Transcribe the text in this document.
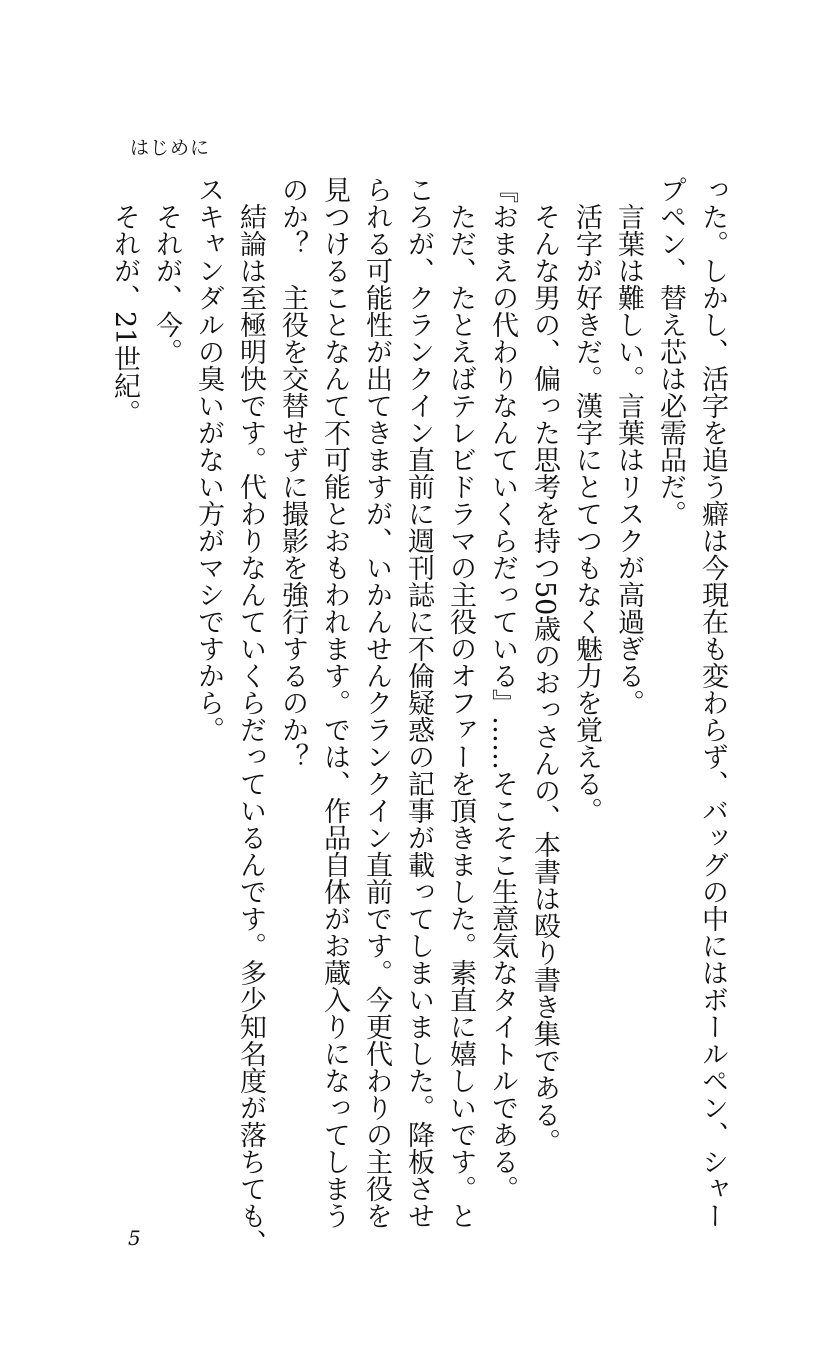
はじめに
った。しかし、活字を追う癖は今現在も変わらず、バッグの中にはボールペン、シャー
プペン、替え芯は必需品だ。
　言葉は難しい。言葉はリスクが高過ぎる。
　活字が好きだ。漢字にとてつもなく魅力を覚える。
　そんな男の、偏った思考を持つ50歳のおっさんの、本書は殴り書き集である。
『おまえの代わりなんていくらだっている』……そこそこ生意気なタイトルである。
　ただ、たとえばテレビドラマの主役のオファーを頂きました。素直に嬉しいです。と
ころが、クランクイン直前に週刊誌に不倫疑惑の記事が載ってしまいました。降板させ
られる可能性が出てきますが、いかんせんクランクイン直前です。今更代わりの主役を
見つけることなんて不可能とおもわれます。では、作品自体がお蔵入りになってしまう
のか？　主役を交替せずに撮影を強行するのか？
　結論は至極明快です。代わりなんていくらだっているんです。多少知名度が落ちても、
スキャンダルの臭いがない方がマシですから。
　それが、今。
　それが、21世紀。
5
